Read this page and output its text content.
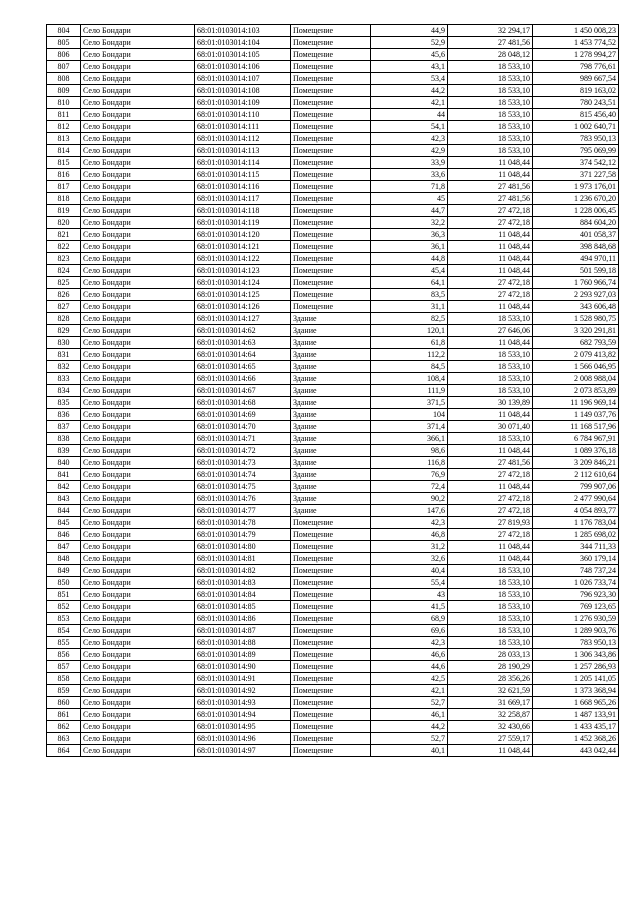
804	Село Бондари	68:01:0103014:103	Помещение	44,9	32 294,17	1 450 008,23
805	Село Бондари	68:01:0103014:104	Помещение	52,9	27 481,56	1 453 774,52
806	Село Бондари	68:01:0103014:105	Помещение	45,6	28 048,12	1 278 994,27
807	Село Бондари	68:01:0103014:106	Помещение	43,1	18 533,10	798 776,61
808	Село Бондари	68:01:0103014:107	Помещение	53,4	18 533,10	989 667,54
809	Село Бондари	68:01:0103014:108	Помещение	44,2	18 533,10	819 163,02
810	Село Бондари	68:01:0103014:109	Помещение	42,1	18 533,10	780 243,51
811	Село Бондари	68:01:0103014:110	Помещение	44	18 533,10	815 456,40
812	Село Бондари	68:01:0103014:111	Помещение	54,1	18 533,10	1 002 640,71
813	Село Бондари	68:01:0103014:112	Помещение	42,3	18 533,10	783 950,13
814	Село Бондари	68:01:0103014:113	Помещение	42,9	18 533,10	795 069,99
815	Село Бондари	68:01:0103014:114	Помещение	33,9	11 048,44	374 542,12
816	Село Бондари	68:01:0103014:115	Помещение	33,6	11 048,44	371 227,58
817	Село Бондари	68:01:0103014:116	Помещение	71,8	27 481,56	1 973 176,01
818	Село Бондари	68:01:0103014:117	Помещение	45	27 481,56	1 236 670,20
819	Село Бондари	68:01:0103014:118	Помещение	44,7	27 472,18	1 228 006,45
820	Село Бондари	68:01:0103014:119	Помещение	32,2	27 472,18	884 604,20
821	Село Бондари	68:01:0103014:120	Помещение	36,3	11 048,44	401 058,37
822	Село Бондари	68:01:0103014:121	Помещение	36,1	11 048,44	398 848,68
823	Село Бондари	68:01:0103014:122	Помещение	44,8	11 048,44	494 970,11
824	Село Бондари	68:01:0103014:123	Помещение	45,4	11 048,44	501 599,18
825	Село Бондари	68:01:0103014:124	Помещение	64,1	27 472,18	1 760 966,74
826	Село Бондари	68:01:0103014:125	Помещение	83,5	27 472,18	2 293 927,03
827	Село Бондари	68:01:0103014:126	Помещение	31,1	11 048,44	343 606,48
828	Село Бондари	68:01:0103014:127	Здание	82,5	18 533,10	1 528 980,75
829	Село Бондари	68:01:0103014:62	Здание	120,1	27 646,06	3 320 291,81
830	Село Бондари	68:01:0103014:63	Здание	61,8	11 048,44	682 793,59
831	Село Бондари	68:01:0103014:64	Здание	112,2	18 533,10	2 079 413,82
832	Село Бондари	68:01:0103014:65	Здание	84,5	18 533,10	1 566 046,95
833	Село Бондари	68:01:0103014:66	Здание	108,4	18 533,10	2 008 988,04
834	Село Бондари	68:01:0103014:67	Здание	111,9	18 533,10	2 073 853,89
835	Село Бондари	68:01:0103014:68	Здание	371,5	30 139,89	11 196 969,14
836	Село Бондари	68:01:0103014:69	Здание	104	11 048,44	1 149 037,76
837	Село Бондари	68:01:0103014:70	Здание	371,4	30 071,40	11 168 517,96
838	Село Бондари	68:01:0103014:71	Здание	366,1	18 533,10	6 784 967,91
839	Село Бондари	68:01:0103014:72	Здание	98,6	11 048,44	1 089 376,18
840	Село Бондари	68:01:0103014:73	Здание	116,8	27 481,56	3 209 846,21
841	Село Бондари	68:01:0103014:74	Здание	76,9	27 472,18	2 112 610,64
842	Село Бондари	68:01:0103014:75	Здание	72,4	11 048,44	799 907,06
843	Село Бондари	68:01:0103014:76	Здание	90,2	27 472,18	2 477 990,64
844	Село Бондари	68:01:0103014:77	Здание	147,6	27 472,18	4 054 893,77
845	Село Бондари	68:01:0103014:78	Помещение	42,3	27 819,93	1 176 783,04
846	Село Бондари	68:01:0103014:79	Помещение	46,8	27 472,18	1 285 698,02
847	Село Бондари	68:01:0103014:80	Помещение	31,2	11 048,44	344 711,33
848	Село Бондари	68:01:0103014:81	Помещение	32,6	11 048,44	360 179,14
849	Село Бондари	68:01:0103014:82	Помещение	40,4	18 533,10	748 737,24
850	Село Бондари	68:01:0103014:83	Помещение	55,4	18 533,10	1 026 733,74
851	Село Бондари	68:01:0103014:84	Помещение	43	18 533,10	796 923,30
852	Село Бондари	68:01:0103014:85	Помещение	41,5	18 533,10	769 123,65
853	Село Бондари	68:01:0103014:86	Помещение	68,9	18 533,10	1 276 930,59
854	Село Бондари	68:01:0103014:87	Помещение	69,6	18 533,10	1 289 903,76
855	Село Бондари	68:01:0103014:88	Помещение	42,3	18 533,10	783 950,13
856	Село Бондари	68:01:0103014:89	Помещение	46,6	28 033,13	1 306 343,86
857	Село Бондари	68:01:0103014:90	Помещение	44,6	28 190,29	1 257 286,93
858	Село Бондари	68:01:0103014:91	Помещение	42,5	28 356,26	1 205 141,05
859	Село Бондари	68:01:0103014:92	Помещение	42,1	32 621,59	1 373 368,94
860	Село Бондари	68:01:0103014:93	Помещение	52,7	31 669,17	1 668 965,26
861	Село Бондари	68:01:0103014:94	Помещение	46,1	32 258,87	1 487 133,91
862	Село Бондари	68:01:0103014:95	Помещение	44,2	32 430,66	1 433 435,17
863	Село Бондари	68:01:0103014:96	Помещение	52,7	27 559,17	1 452 368,26
864	Село Бондари	68:01:0103014:97	Помещение	40,1	11 048,44	443 042,44
